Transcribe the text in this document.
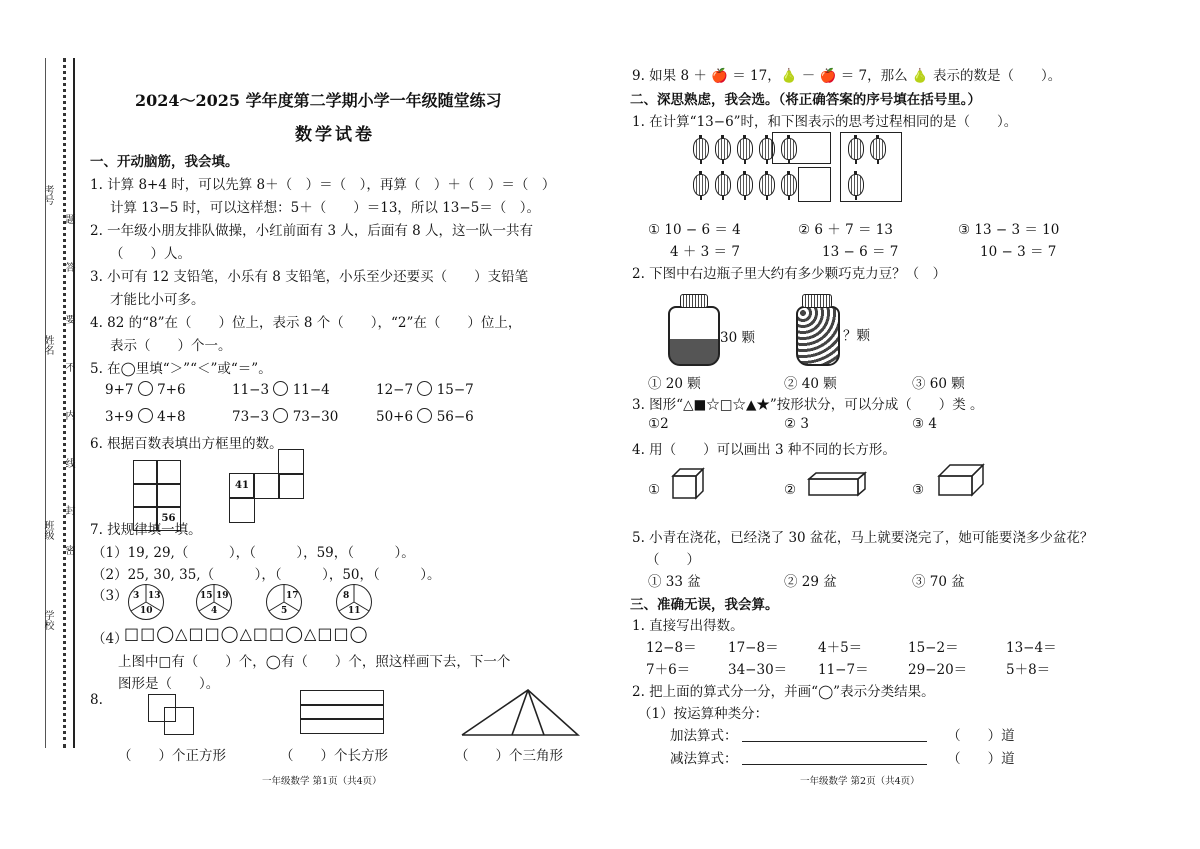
考号
姓名
班级
学校
密
封
线
内
不
要
答
题
2024～2025 学年度第二学期小学一年级随堂练习
数学试卷
一、开动脑筋，我会填。
1. 计算 8+4 时，可以先算 8＋（　）＝（　），再算（　）＋（　）＝（　）
计算 13−5 时，可以这样想：5＋（　　）＝13，所以 13−5＝（　）。
2. 一年级小朋友排队做操，小红前面有 3 人，后面有 8 人，这一队一共有
（　　）人。
3. 小可有 12 支铅笔，小乐有 8 支铅笔，小乐至少还要买（　　）支铅笔
才能比小可多。
4. 82 的“8”在（　　）位上，表示 8 个（　　），“2”在（　　）位上，
表示（　　）个一。
5. 在◯里填“＞”“＜”或“＝”。
9+7 7+6	11−3 11−4	12−7 15−7
3+9 4+8	73−3 73−30	50+6 56−6
6. 根据百数表填出方框里的数。
56
41
7. 找规律填一填。
（1）19, 29,（　　　），（　　　），59，（　　　）。
（2）25, 30, 35,（　　　），（　　　），50，（　　　）。
（3） 3 13
10
15 19
4
17
5
8
11
（4）
□□◯△□□◯△□□◯△□□◯
上图中□有（　　）个，◯有（　　）个，照这样画下去，下一个
图形是（　　）。
8.
（　　）个正方形	（　　）个长方形	（　　）个三角形
一年级数学 第1页（共4页）
9. 如果 8 ＋ 🍎 ＝ 17，🍐 － 🍎 ＝ 7，那么 🍐 表示的数是（　　）。
二、深思熟虑，我会选。（将正确答案的序号填在括号里。）
1. 在计算“13−6”时，和下图表示的思考过程相同的是（　　）。
① 10 − 6 ＝ 4
4 ＋ 3 ＝ 7
② 6 ＋ 7 ＝ 13
13 − 6 ＝ 7
③ 13 − 3 ＝ 10
10 − 3 ＝ 7
2. 下图中右边瓶子里大约有多少颗巧克力豆？（　）
30 颗	？颗
① 20 颗	② 40 颗	③ 60 颗
3. 图形“△■☆□☆▲★”按形状分，可以分成（　　）类 。
①2	② 3	③ 4
4. 用（　　）可以画出 3 种不同的长方形。
①	②	③
5. 小青在浇花，已经浇了 30 盆花，马上就要浇完了，她可能要浇多少盆花？
（　　）
① 33 盆	② 29 盆	③ 70 盆
三、准确无误，我会算。
1. 直接写出得数。
12−8＝ 17−8＝	4＋5＝	15−2＝	13−4＝
7＋6＝	34−30＝ 11−7＝	29−20＝	5＋8＝
2. 把上面的算式分一分，并画“◯”表示分类结果。
（1）按运算种类分：
加法算式：	（　　）道
减法算式：	（　　）道
一年级数学 第2页（共4页）
